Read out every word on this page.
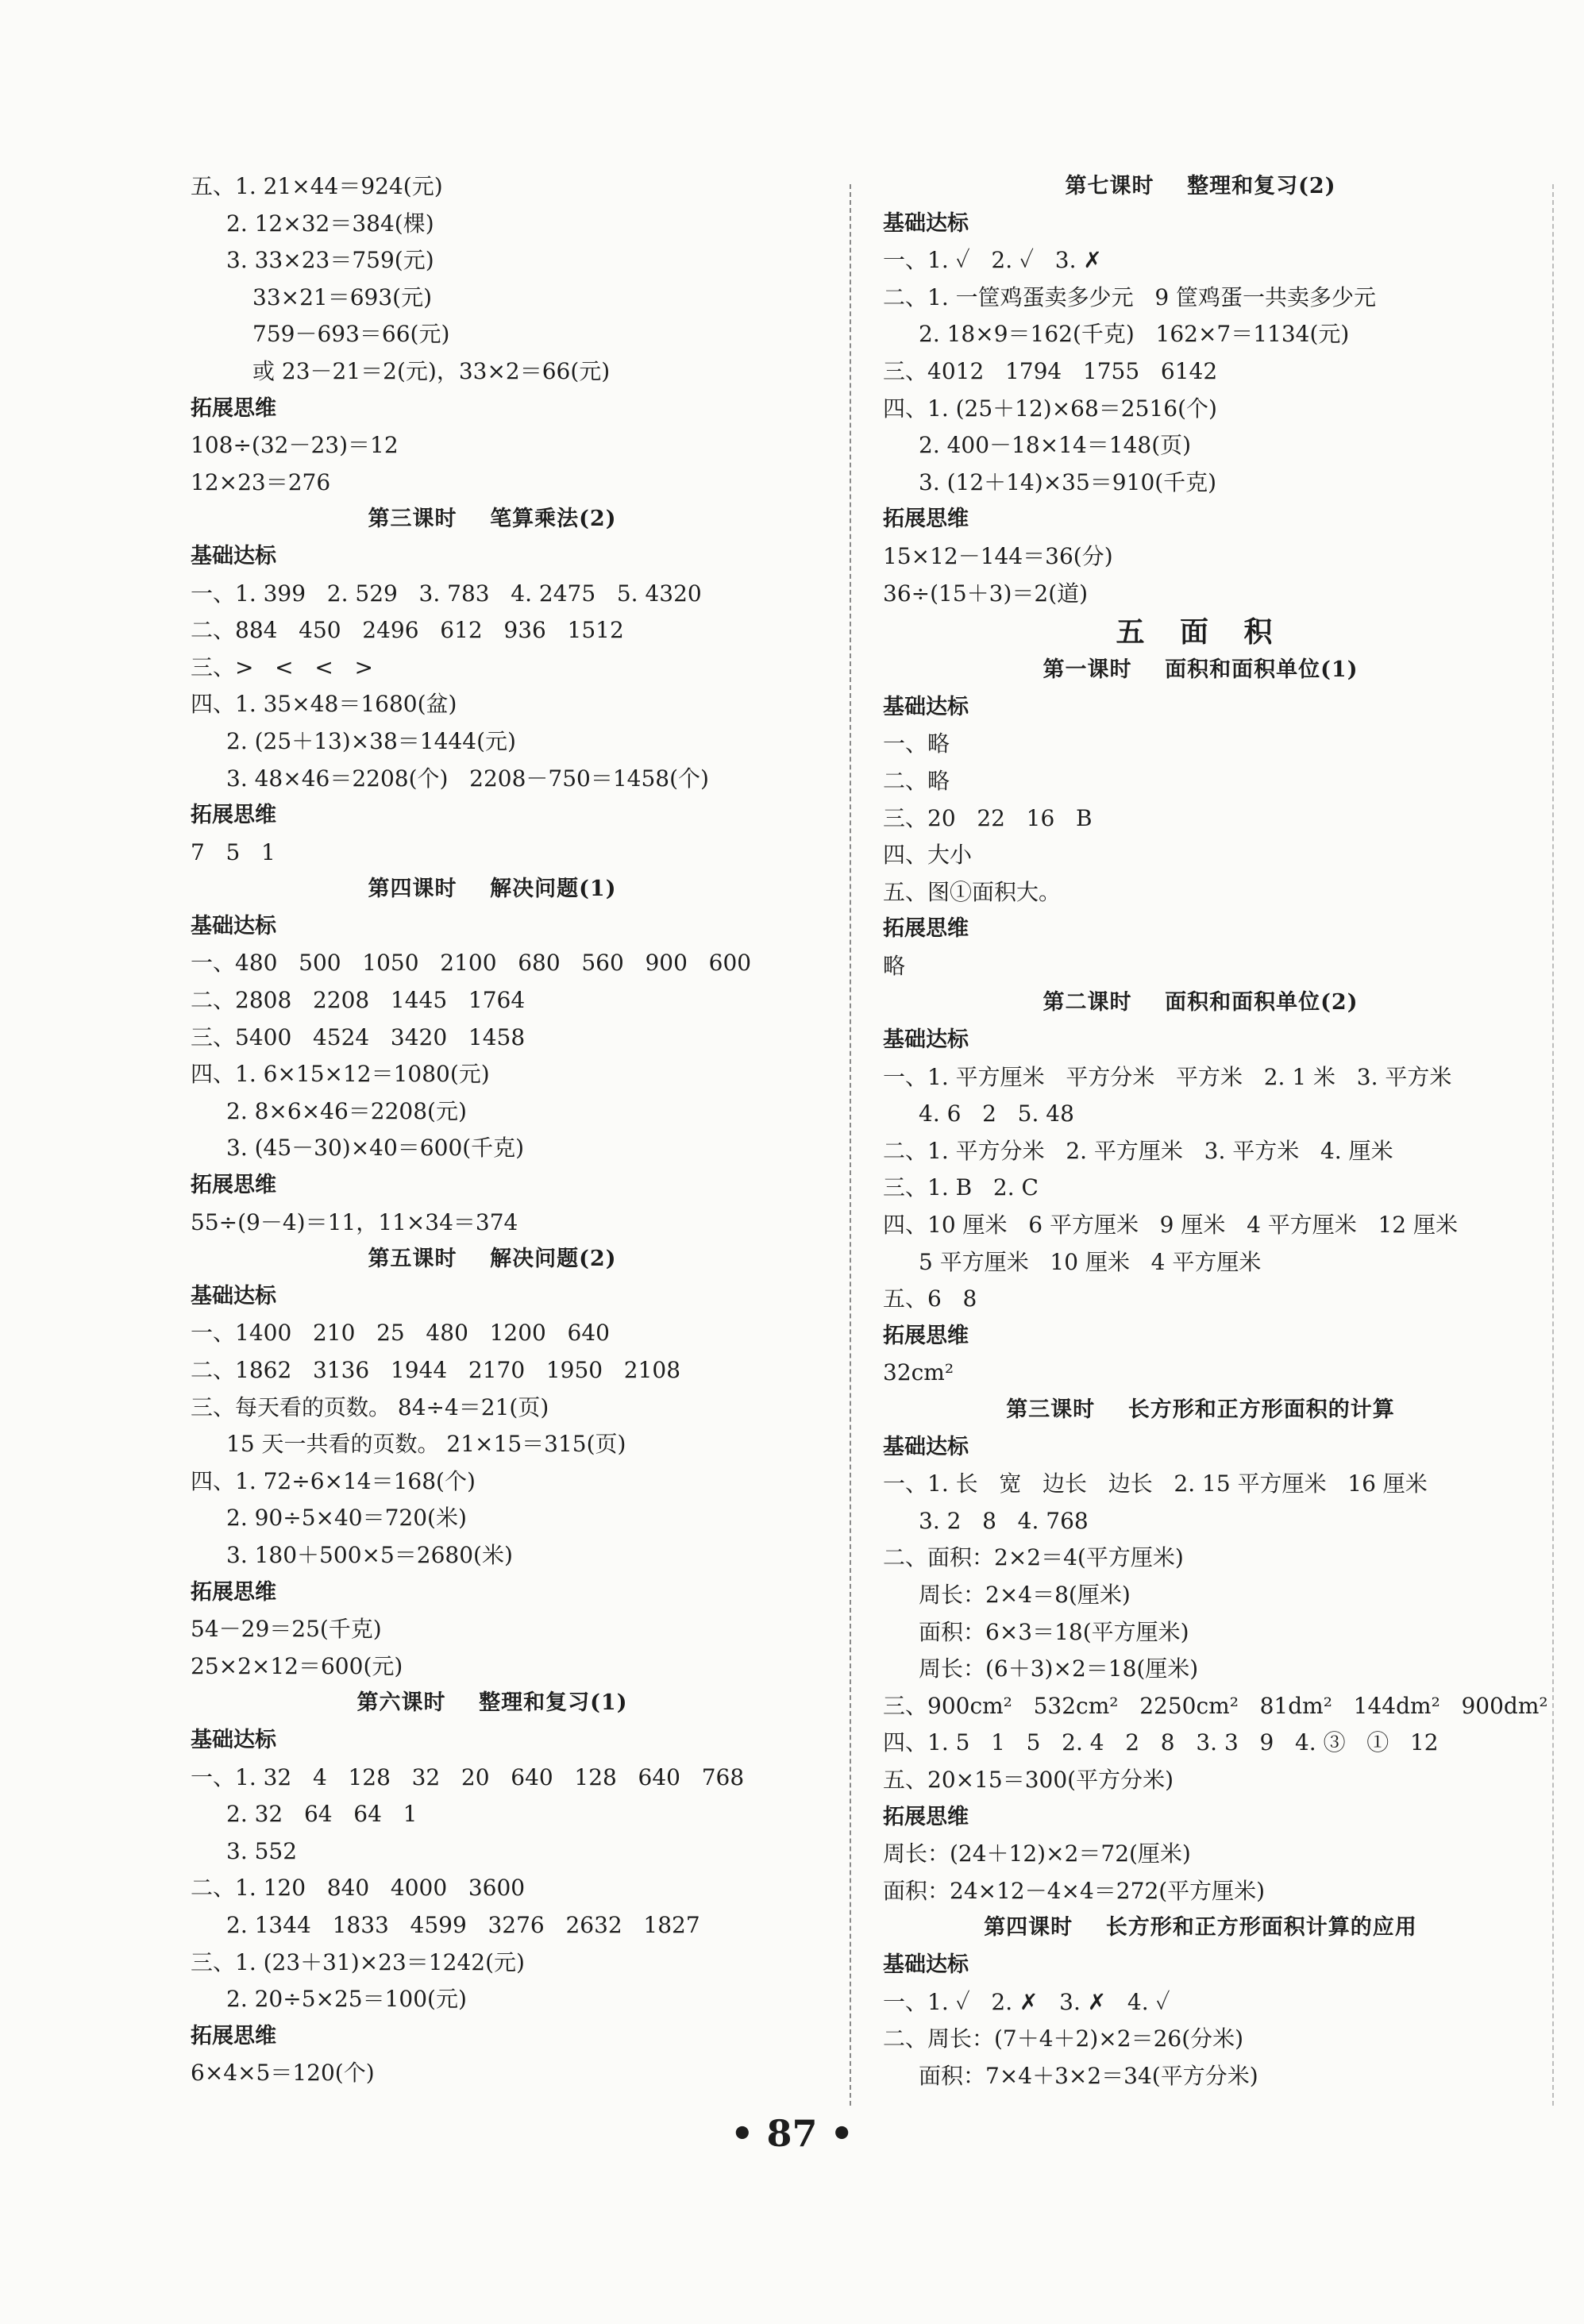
五、1. 21×44＝924(元)
2. 12×32＝384(棵)
3. 33×23＝759(元)
33×21＝693(元)
759－693＝66(元)
或 23－21＝2(元)，33×2＝66(元)
拓展思维
108÷(32－23)＝12
12×23＝276
第三课时    笔算乘法(2)
基础达标
一、1. 399   2. 529   3. 783   4. 2475   5. 4320
二、884   450   2496   612   936   1512
三、>   <   <   >
四、1. 35×48＝1680(盆)
2. (25＋13)×38＝1444(元)
3. 48×46＝2208(个)   2208－750＝1458(个)
拓展思维
7   5   1
第四课时    解决问题(1)
基础达标
一、480   500   1050   2100   680   560   900   600
二、2808   2208   1445   1764
三、5400   4524   3420   1458
四、1. 6×15×12＝1080(元)
2. 8×6×46＝2208(元)
3. (45－30)×40＝600(千克)
拓展思维
55÷(9－4)＝11，11×34＝374
第五课时    解决问题(2)
基础达标
一、1400   210   25   480   1200   640
二、1862   3136   1944   2170   1950   2108
三、每天看的页数。 84÷4＝21(页)
15 天一共看的页数。 21×15＝315(页)
四、1. 72÷6×14＝168(个)
2. 90÷5×40＝720(米)
3. 180＋500×5＝2680(米)
拓展思维
54－29＝25(千克)
25×2×12＝600(元)
第六课时    整理和复习(1)
基础达标
一、1. 32   4   128   32   20   640   128   640   768
2. 32   64   64   1
3. 552
二、1. 120   840   4000   3600
2. 1344   1833   4599   3276   2632   1827
三、1. (23＋31)×23＝1242(元)
2. 20÷5×25＝100(元)
拓展思维
6×4×5＝120(个)
第七课时    整理和复习(2)
基础达标
一、1. ✓   2. ✓   3. ✗
二、1. 一筐鸡蛋卖多少元   9 筐鸡蛋一共卖多少元
2. 18×9＝162(千克)   162×7＝1134(元)
三、4012   1794   1755   6142
四、1. (25＋12)×68＝2516(个)
2. 400－18×14＝148(页)
3. (12＋14)×35＝910(千克)
拓展思维
15×12－144＝36(分)
36÷(15＋3)＝2(道)
五 面 积
第一课时    面积和面积单位(1)
基础达标
一、略
二、略
三、20   22   16   B
四、大小
五、图①面积大。
拓展思维
略
第二课时    面积和面积单位(2)
基础达标
一、1. 平方厘米   平方分米   平方米   2. 1 米   3. 平方米
4. 6   2   5. 48
二、1. 平方分米   2. 平方厘米   3. 平方米   4. 厘米
三、1. B   2. C
四、10 厘米   6 平方厘米   9 厘米   4 平方厘米   12 厘米
5 平方厘米   10 厘米   4 平方厘米
五、6   8
拓展思维
32cm²
第三课时    长方形和正方形面积的计算
基础达标
一、1. 长   宽   边长   边长   2. 15 平方厘米   16 厘米
3. 2   8   4. 768
二、面积：2×2＝4(平方厘米)
周长：2×4＝8(厘米)
面积：6×3＝18(平方厘米)
周长：(6＋3)×2＝18(厘米)
三、900cm²   532cm²   2250cm²   81dm²   144dm²   900dm²
四、1. 5   1   5   2. 4   2   8   3. 3   9   4. ③   ①   12
五、20×15＝300(平方分米)
拓展思维
周长：(24＋12)×2＝72(厘米)
面积：24×12－4×4＝272(平方厘米)
第四课时    长方形和正方形面积计算的应用
基础达标
一、1. ✓   2. ✗   3. ✗   4. ✓
二、周长：(7＋4＋2)×2＝26(分米)
面积：7×4＋3×2＝34(平方分米)
• 87 •
